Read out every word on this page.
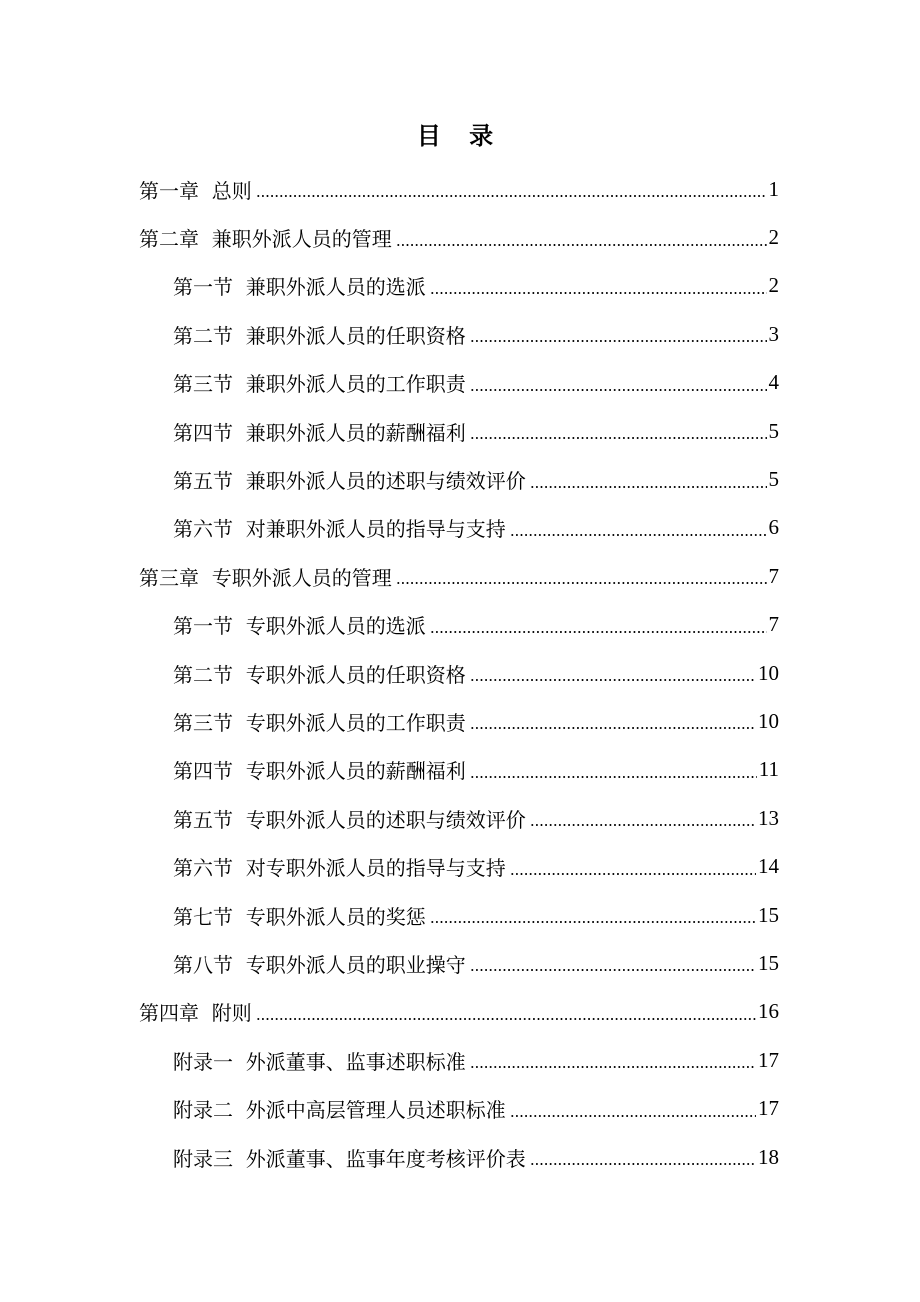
目 录
第一章  总则	1
第二章  兼职外派人员的管理	2
第一节  兼职外派人员的选派	2
第二节  兼职外派人员的任职资格	3
第三节  兼职外派人员的工作职责	4
第四节  兼职外派人员的薪酬福利	5
第五节  兼职外派人员的述职与绩效评价	5
第六节  对兼职外派人员的指导与支持	6
第三章  专职外派人员的管理	7
第一节  专职外派人员的选派	7
第二节  专职外派人员的任职资格	10
第三节  专职外派人员的工作职责	10
第四节  专职外派人员的薪酬福利	11
第五节  专职外派人员的述职与绩效评价	13
第六节  对专职外派人员的指导与支持	14
第七节  专职外派人员的奖惩	15
第八节  专职外派人员的职业操守	15
第四章  附则	16
附录一  外派董事、监事述职标准	17
附录二  外派中高层管理人员述职标准	17
附录三  外派董事、监事年度考核评价表	18
